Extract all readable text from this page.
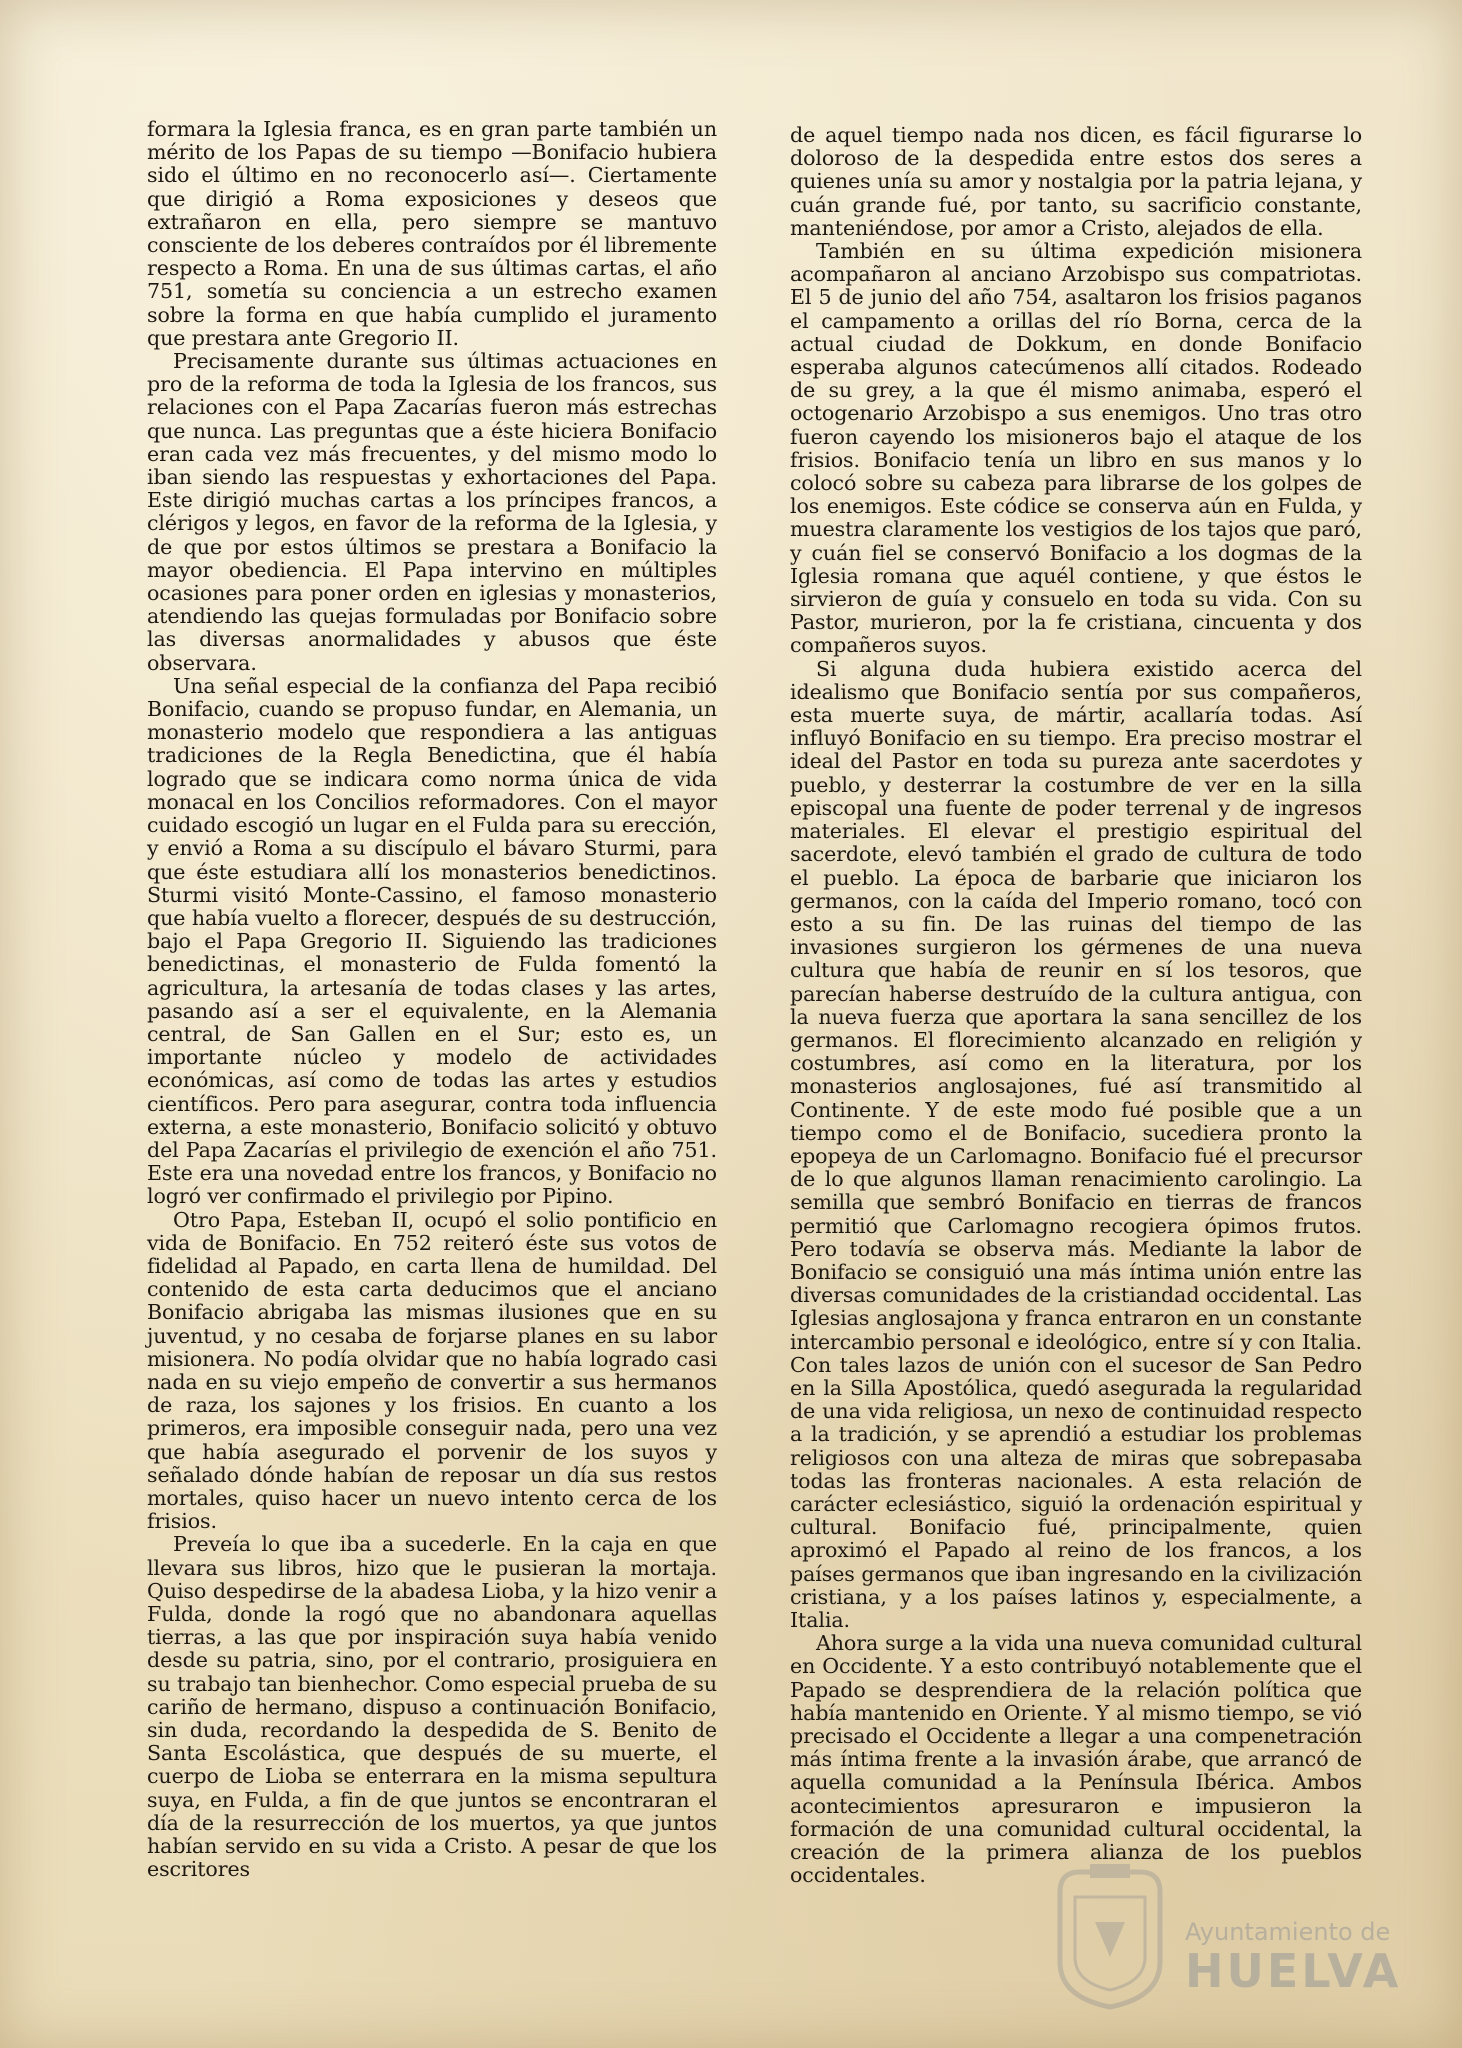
formara la Iglesia franca, es en gran parte también un mérito de los Papas de su tiempo —Bonifacio hubiera sido el último en no reconocerlo así—. Ciertamente que dirigió a Roma exposiciones y deseos que extrañaron en ella, pero siempre se mantuvo consciente de los deberes contraídos por él libremente respecto a Roma. En una de sus últimas cartas, el año 751, sometía su conciencia a un estrecho examen sobre la forma en que había cumplido el juramento que prestara ante Gregorio II.

Precisamente durante sus últimas actuaciones en pro de la reforma de toda la Iglesia de los francos, sus relaciones con el Papa Zacarías fueron más estrechas que nunca. Las preguntas que a éste hiciera Bonifacio eran cada vez más frecuentes, y del mismo modo lo iban siendo las respuestas y exhortaciones del Papa. Este dirigió muchas cartas a los príncipes francos, a clérigos y legos, en favor de la reforma de la Iglesia, y de que por estos últimos se prestara a Bonifacio la mayor obediencia. El Papa intervino en múltiples ocasiones para poner orden en iglesias y monasterios, atendiendo las quejas formuladas por Bonifacio sobre las diversas anormalidades y abusos que éste observara.

Una señal especial de la confianza del Papa recibió Bonifacio, cuando se propuso fundar, en Alemania, un monasterio modelo que respondiera a las antiguas tradiciones de la Regla Benedictina, que él había logrado que se indicara como norma única de vida monacal en los Concilios reformadores. Con el mayor cuidado escogió un lugar en el Fulda para su erección, y envió a Roma a su discípulo el bávaro Sturmi, para que éste estudiara allí los monasterios benedictinos. Sturmi visitó Monte-Cassino, el famoso monasterio que había vuelto a florecer, después de su destrucción, bajo el Papa Gregorio II. Siguiendo las tradiciones benedictinas, el monasterio de Fulda fomentó la agricultura, la artesanía de todas clases y las artes, pasando así a ser el equivalente, en la Alemania central, de San Gallen en el Sur; esto es, un importante núcleo y modelo de actividades económicas, así como de todas las artes y estudios científicos. Pero para asegurar, contra toda influencia externa, a este monasterio, Bonifacio solicitó y obtuvo del Papa Zacarías el privilegio de exención el año 751. Este era una novedad entre los francos, y Bonifacio no logró ver confirmado el privilegio por Pipino.

Otro Papa, Esteban II, ocupó el solio pontificio en vida de Bonifacio. En 752 reiteró éste sus votos de fidelidad al Papado, en carta llena de humildad. Del contenido de esta carta deducimos que el anciano Bonifacio abrigaba las mismas ilusiones que en su juventud, y no cesaba de forjarse planes en su labor misionera. No podía olvidar que no había logrado casi nada en su viejo empeño de convertir a sus hermanos de raza, los sajones y los frisios. En cuanto a los primeros, era imposible conseguir nada, pero una vez que había asegurado el porvenir de los suyos y señalado dónde habían de reposar un día sus restos mortales, quiso hacer un nuevo intento cerca de los frisios.

Preveía lo que iba a sucederle. En la caja en que llevara sus libros, hizo que le pusieran la mortaja. Quiso despedirse de la abadesa Lioba, y la hizo venir a Fulda, donde la rogó que no abandonara aquellas tierras, a las que por inspiración suya había venido desde su patria, sino, por el contrario, prosiguiera en su trabajo tan bienhechor. Como especial prueba de su cariño de hermano, dispuso a continuación Bonifacio, sin duda, recordando la despedida de S. Benito de Santa Escolástica, que después de su muerte, el cuerpo de Lioba se enterrara en la misma sepultura suya, en Fulda, a fin de que juntos se encontraran el día de la resurrección de los muertos, ya que juntos habían servido en su vida a Cristo. A pesar de que los escritores

de aquel tiempo nada nos dicen, es fácil figurarse lo doloroso de la despedida entre estos dos seres a quienes unía su amor y nostalgia por la patria lejana, y cuán grande fué, por tanto, su sacrificio constante, manteniéndose, por amor a Cristo, alejados de ella.

También en su última expedición misionera acompañaron al anciano Arzobispo sus compatriotas. El 5 de junio del año 754, asaltaron los frisios paganos el campamento a orillas del río Borna, cerca de la actual ciudad de Dokkum, en donde Bonifacio esperaba algunos catecúmenos allí citados. Rodeado de su grey, a la que él mismo animaba, esperó el octogenario Arzobispo a sus enemigos. Uno tras otro fueron cayendo los misioneros bajo el ataque de los frisios. Bonifacio tenía un libro en sus manos y lo colocó sobre su cabeza para librarse de los golpes de los enemigos. Este códice se conserva aún en Fulda, y muestra claramente los vestigios de los tajos que paró, y cuán fiel se conservó Bonifacio a los dogmas de la Iglesia romana que aquél contiene, y que éstos le sirvieron de guía y consuelo en toda su vida. Con su Pastor, murieron, por la fe cristiana, cincuenta y dos compañeros suyos.

Si alguna duda hubiera existido acerca del idealismo que Bonifacio sentía por sus compañeros, esta muerte suya, de mártir, acallaría todas. Así influyó Bonifacio en su tiempo. Era preciso mostrar el ideal del Pastor en toda su pureza ante sacerdotes y pueblo, y desterrar la costumbre de ver en la silla episcopal una fuente de poder terrenal y de ingresos materiales. El elevar el prestigio espiritual del sacerdote, elevó también el grado de cultura de todo el pueblo. La época de barbarie que iniciaron los germanos, con la caída del Imperio romano, tocó con esto a su fin. De las ruinas del tiempo de las invasiones surgieron los gérmenes de una nueva cultura que había de reunir en sí los tesoros, que parecían haberse destruído de la cultura antigua, con la nueva fuerza que aportara la sana sencillez de los germanos. El florecimiento alcanzado en religión y costumbres, así como en la literatura, por los monasterios anglosajones, fué así transmitido al Continente. Y de este modo fué posible que a un tiempo como el de Bonifacio, sucediera pronto la epopeya de un Carlomagno. Bonifacio fué el precursor de lo que algunos llaman renacimiento carolingio. La semilla que sembró Bonifacio en tierras de francos permitió que Carlomagno recogiera ópimos frutos. Pero todavía se observa más. Mediante la labor de Bonifacio se consiguió una más íntima unión entre las diversas comunidades de la cristiandad occidental. Las Iglesias anglosajona y franca entraron en un constante intercambio personal e ideológico, entre sí y con Italia. Con tales lazos de unión con el sucesor de San Pedro en la Silla Apostólica, quedó asegurada la regularidad de una vida religiosa, un nexo de continuidad respecto a la tradición, y se aprendió a estudiar los problemas religiosos con una alteza de miras que sobrepasaba todas las fronteras nacionales. A esta relación de carácter eclesiástico, siguió la ordenación espiritual y cultural. Bonifacio fué, principalmente, quien aproximó el Papado al reino de los francos, a los países germanos que iban ingresando en la civilización cristiana, y a los países latinos y, especialmente, a Italia.

Ahora surge a la vida una nueva comunidad cultural en Occidente. Y a esto contribuyó notablemente que el Papado se desprendiera de la relación política que había mantenido en Oriente. Y al mismo tiempo, se vió precisado el Occidente a llegar a una compenetración más íntima frente a la invasión árabe, que arrancó de aquella comunidad a la Península Ibérica. Ambos acontecimientos apresuraron e impusieron la formación de una comunidad cultural occidental, la creación de la primera alianza de los pueblos occidentales.

Ayuntamiento de
HUELVA
